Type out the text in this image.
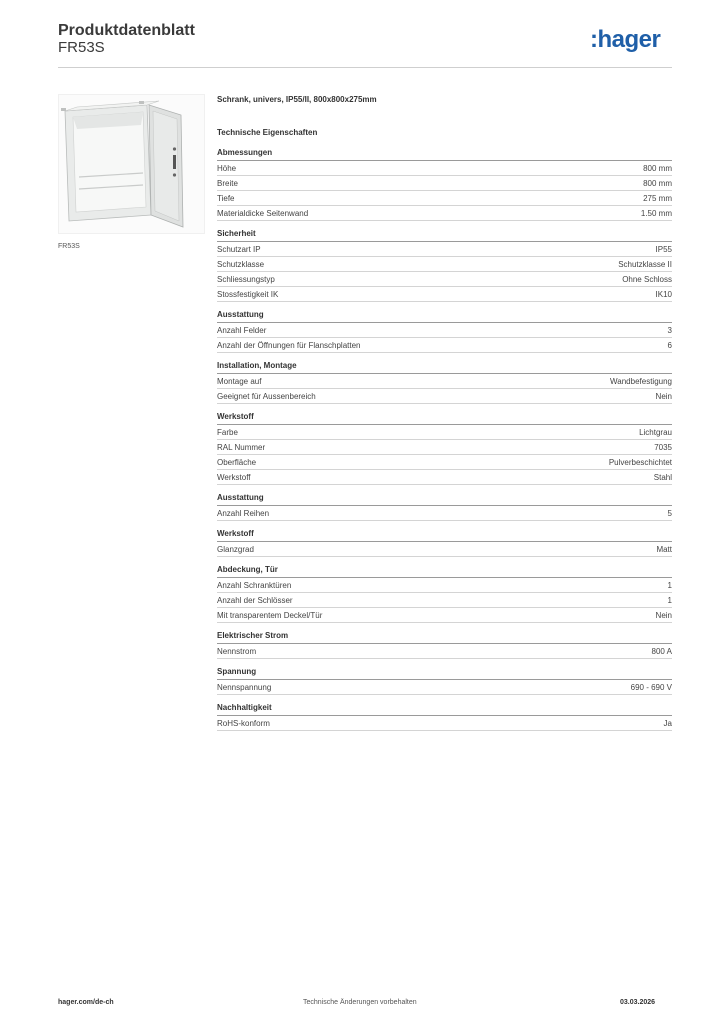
Produktdatenblatt
FR53S	:hager
FR53S
Schrank, univers, IP55/II, 800x800x275mm
Technische Eigenschaften
Abmessungen
Höhe	800 mm
Breite	800 mm
Tiefe	275 mm
Materialdicke Seitenwand	1.50 mm
Sicherheit
Schutzart IP	IP55
Schutzklasse	Schutzklasse II
Schliessungstyp	Ohne Schloss
Stossfestigkeit IK	IK10
Ausstattung
Anzahl Felder	3
Anzahl der Öffnungen für Flanschplatten	6
Installation, Montage
Montage auf	Wandbefestigung
Geeignet für Aussenbereich	Nein
Werkstoff
Farbe	Lichtgrau
RAL Nummer	7035
Oberfläche	Pulverbeschichtet
Werkstoff	Stahl
Ausstattung
Anzahl Reihen	5
Werkstoff
Glanzgrad	Matt
Abdeckung, Tür
Anzahl Schranktüren	1
Anzahl der Schlösser	1
Mit transparentem Deckel/Tür	Nein
Elektrischer Strom
Nennstrom	800 A
Spannung
Nennspannung	690 - 690 V
Nachhaltigkeit
RoHS-konform	Ja
hager.com/de-ch	Technische Änderungen vorbehalten	03.03.2026
